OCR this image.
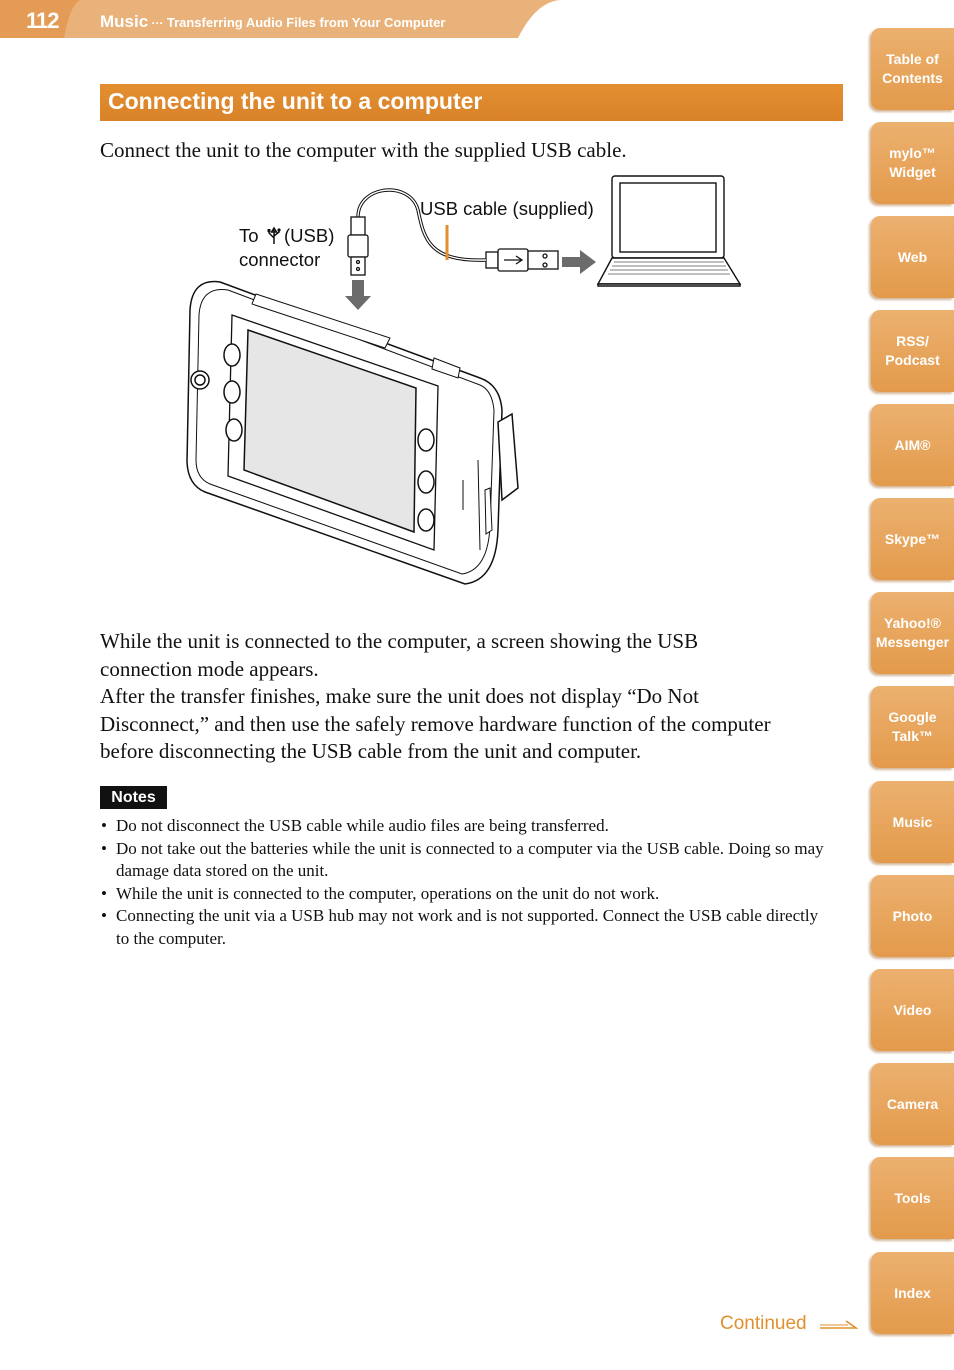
112 Music ··· Transferring Audio Files from Your Computer
Connecting the unit to a computer

Connect the unit to the computer with the supplied USB cable.

USB cable (supplied)
To (USB)
connector
While the unit is connected to the computer, a screen showing the USB
connection mode appears.
After the transfer finishes, make sure the unit does not display “Do Not
Disconnect,” and then use the safely remove hardware function of the computer
before disconnecting the USB cable from the unit and computer.
Notes
• Do not disconnect the USB cable while audio files are being transferred.
• Do not take out the batteries while the unit is connected to a computer via the USB cable. Doing so may damage data stored on the unit.
• While the unit is connected to the computer, operations on the unit do not work.
• Connecting the unit via a USB hub may not work and is not supported. Connect the USB cable directly to the computer.
Table of
Contents
mylo™
Widget
Web
RSS/
Podcast
AIM®
Skype™
Yahoo!®
Messenger
Google
Talk™
Music
Photo
Video
Camera
Tools
Index
Continued
